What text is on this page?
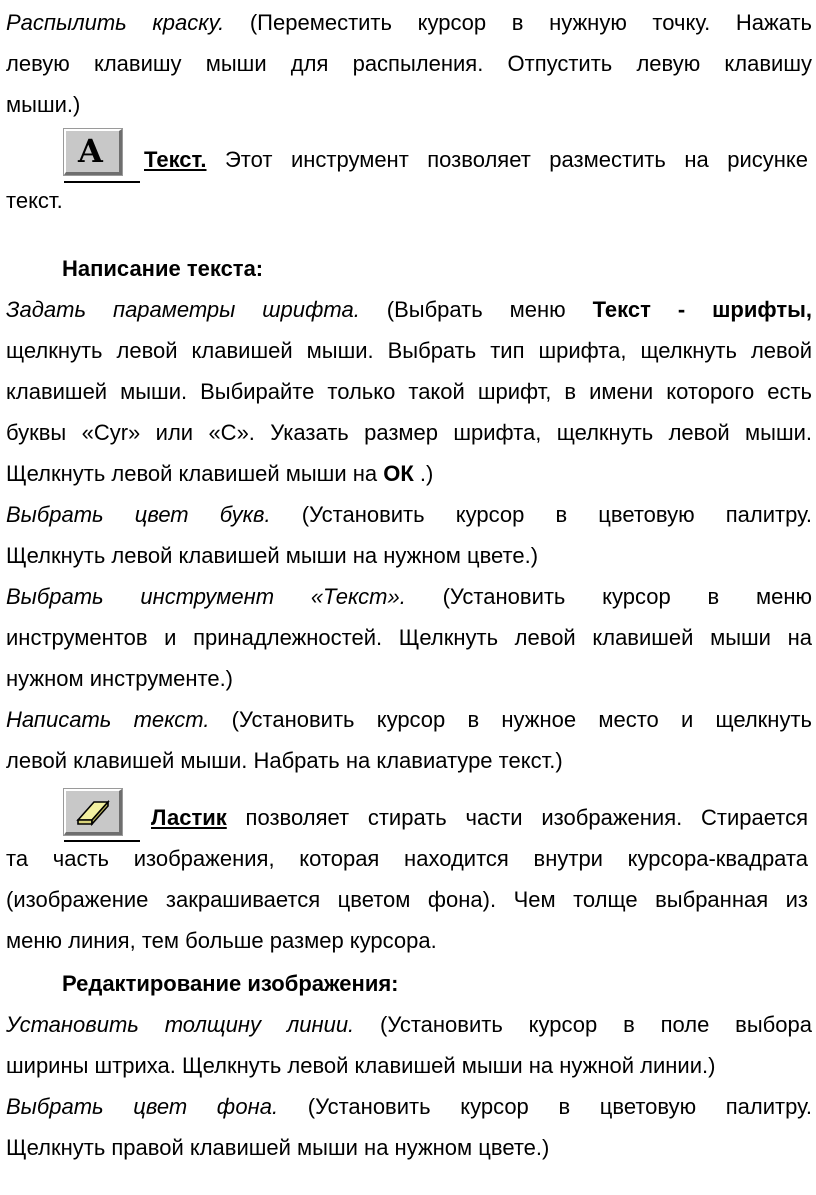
Распылить краску. (Переместить курсор в нужную точку. Нажать
левую клавишу мыши для распыления. Отпустить левую клавишу
мыши.)
A Текст. Этот инструмент позволяет разместить на рисунке
текст.
Написание текста:
Задать параметры шрифта. (Выбрать меню Текст - шрифты,
щелкнуть левой клавишей мыши. Выбрать тип шрифта, щелкнуть левой
клавишей мыши. Выбирайте только такой шрифт, в имени которого есть
буквы «Cyr» или «С». Указать размер шрифта, щелкнуть левой мыши.
Щелкнуть левой клавишей мыши на ОК .)
Выбрать цвет букв. (Установить курсор в цветовую палитру.
Щелкнуть левой клавишей мыши на нужном цвете.)
Выбрать инструмент «Текст». (Установить курсор в меню
инструментов и принадлежностей. Щелкнуть левой клавишей мыши на
нужном инструменте.)
Написать текст. (Установить курсор в нужное место и щелкнуть
левой клавишей мыши. Набрать на клавиатуре текст.)
Ластик позволяет стирать части изображения. Стирается
та часть изображения, которая находится внутри курсора-квадрата
(изображение закрашивается цветом фона). Чем толще выбранная из
меню линия, тем больше размер курсора.
Редактирование изображения:
Установить толщину линии. (Установить курсор в поле выбора
ширины штриха. Щелкнуть левой клавишей мыши на нужной линии.)
Выбрать цвет фона. (Установить курсор в цветовую палитру.
Щелкнуть правой клавишей мыши на нужном цвете.)
